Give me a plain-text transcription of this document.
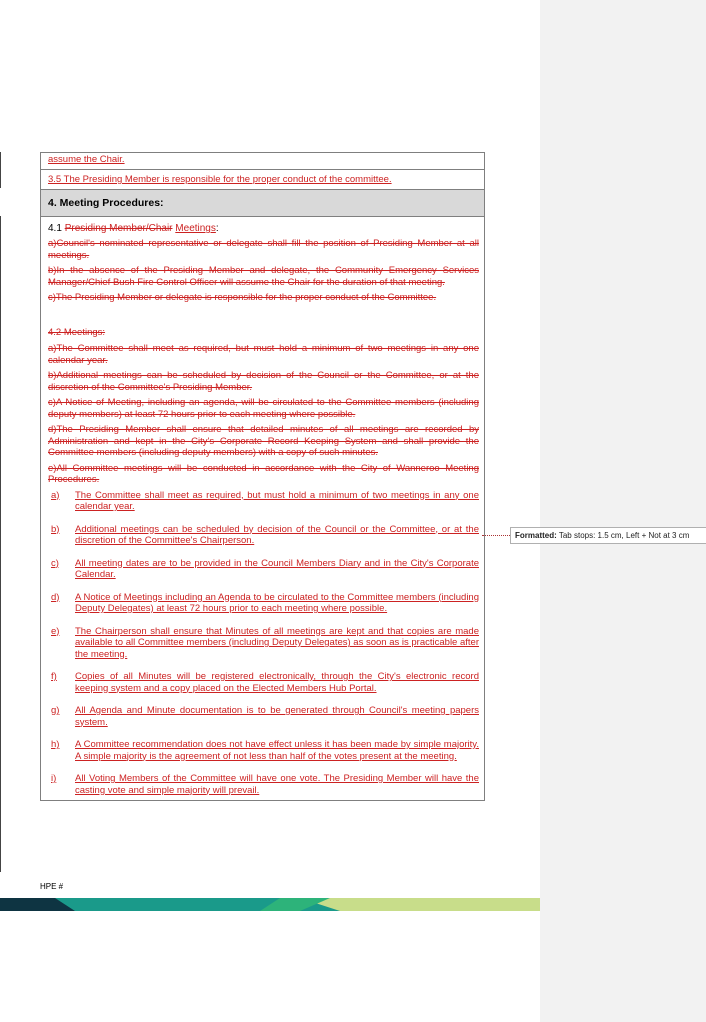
assume the Chair.

3.5 The Presiding Member is responsible for the proper conduct of the committee.

4. Meeting Procedures:

4.1 Presiding Member/Chair Meetings:

a)Council's nominated representative or delegate shall fill the position of Presiding Member at all meetings.

b)In the absence of the Presiding Member and delegate, the Community Emergency Services Manager/Chief Bush Fire Control Officer will assume the Chair for the duration of that meeting.

c)The Presiding Member or delegate is responsible for the proper conduct of the Committee.

4.2 Meetings:

a)The Committee shall meet as required, but must hold a minimum of two meetings in any one calendar year.

b)Additional meetings can be scheduled by decision of the Council or the Committee, or at the discretion of the Committee's Presiding Member.

c)A Notice of Meeting, including an agenda, will be circulated to the Committee members (including deputy members) at least 72 hours prior to each meeting where possible.

d)The Presiding Member shall ensure that detailed minutes of all meetings are recorded by Administration and kept in the City's Corporate Record Keeping System and shall provide the Committee members (including deputy members) with a copy of such minutes.

e)All Committee meetings will be conducted in accordance with the City of Wanneroo Meeting Procedures.

a)	The Committee shall meet as required, but must hold a minimum of two meetings in any one calendar year.
b)	Additional meetings can be scheduled by decision of the Council or the Committee, or at the discretion of the Committee's Chairperson.
c)	All meeting dates are to be provided in the Council Members Diary and in the City's Corporate Calendar.
d)	A Notice of Meetings including an Agenda to be circulated to the Committee members (including Deputy Delegates) at least 72 hours prior to each meeting where possible.
e)	The Chairperson shall ensure that Minutes of all meetings are kept and that copies are made available to all Committee members (including Deputy Delegates) as soon as is practicable after the meeting.
f)	Copies of all Minutes will be registered electronically, through the City's electronic record keeping system and a copy placed on the Elected Members Hub Portal.
g)	All Agenda and Minute documentation is to be generated through Council's meeting papers system.
h)	A Committee recommendation does not have effect unless it has been made by simple majority. A simple majority is the agreement of not less than half of the votes present at the meeting.
i)	All Voting Members of the Committee will have one vote. The Presiding Member will have the casting vote and simple majority will prevail.
HPE #
Formatted: Tab stops: 1.5 cm, Left + Not at 3 cm
